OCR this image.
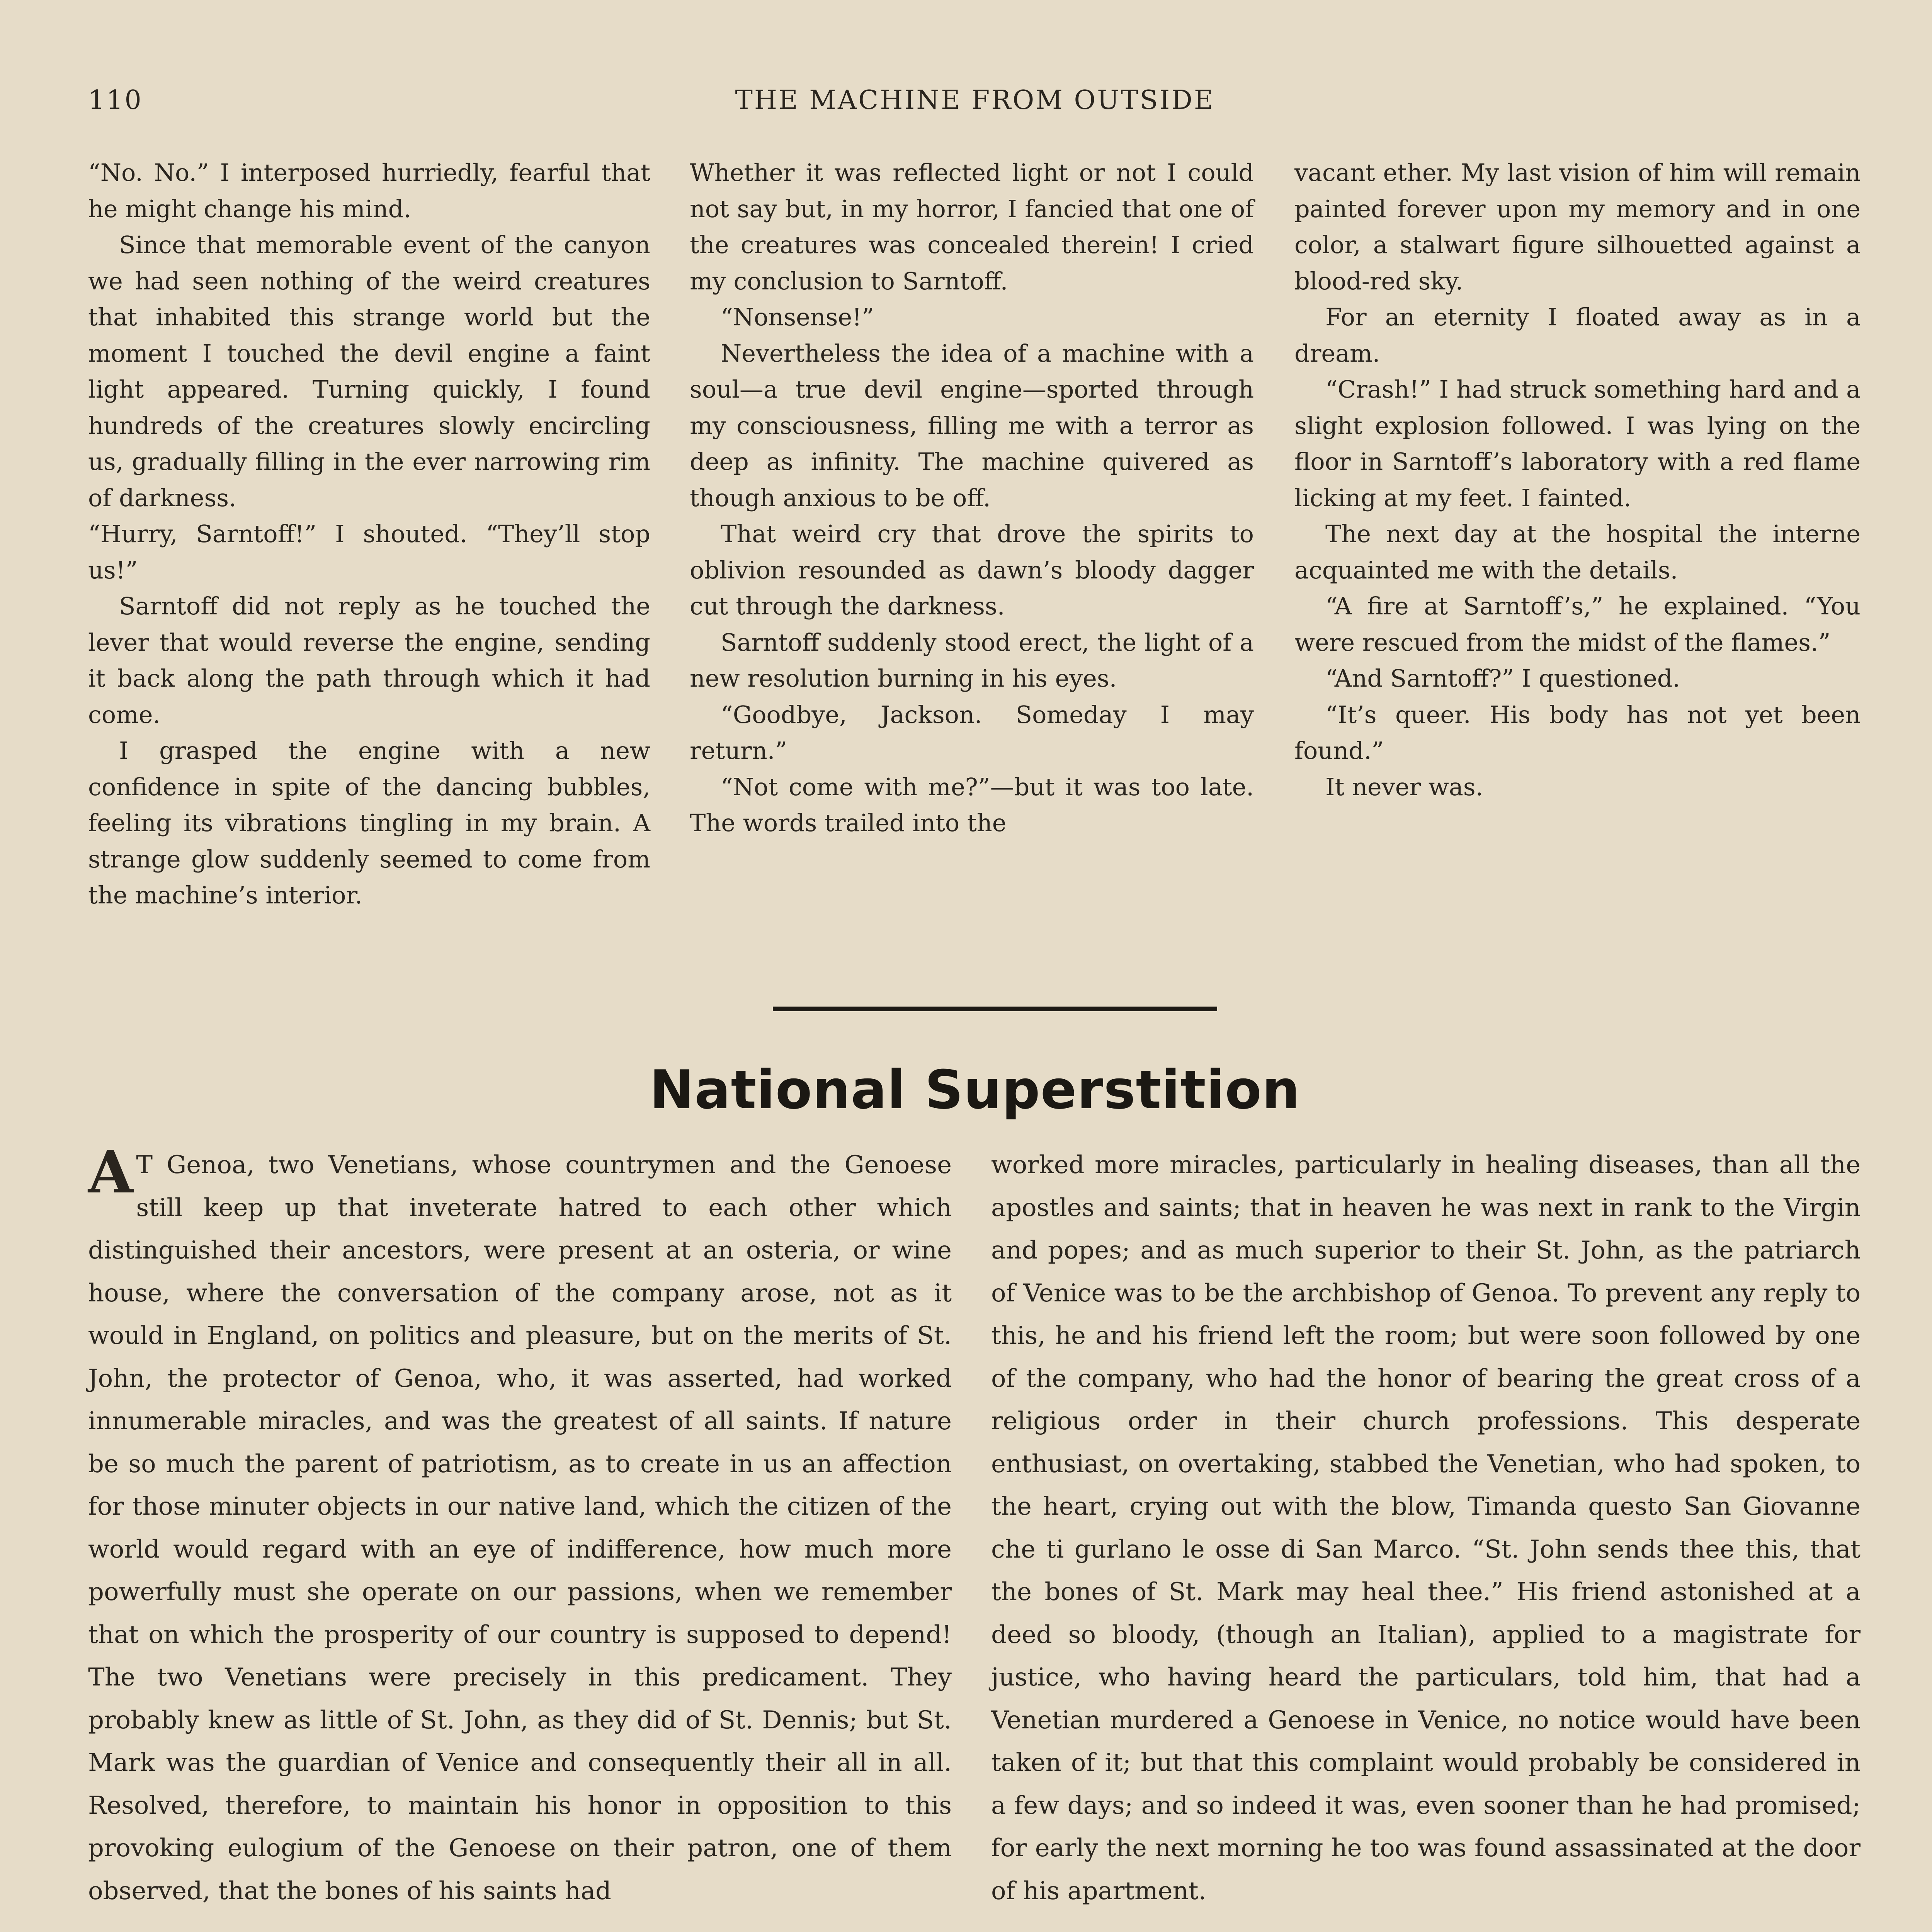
110	THE MACHINE FROM OUTSIDE

“No. No.” I interposed hurriedly, fearful that he might change his mind.

Since that memorable event of the canyon we had seen nothing of the weird creatures that inhabited this strange world but the moment I touched the devil engine a faint light appeared. Turning quickly, I found hundreds of the creatures slowly encircling us, gradually filling in the ever narrowing rim of darkness.

“Hurry, Sarntoff!” I shouted. “They’ll stop us!”

Sarntoff did not reply as he touched the lever that would reverse the engine, sending it back along the path through which it had come.

I grasped the engine with a new confidence in spite of the dancing bubbles, feeling its vibrations tingling in my brain. A strange glow suddenly seemed to come from the machine’s interior.

Whether it was reflected light or not I could not say but, in my horror, I fancied that one of the creatures was concealed therein! I cried my conclusion to Sarntoff.

“Nonsense!”

Nevertheless the idea of a machine with a soul—a true devil engine—sported through my consciousness, filling me with a terror as deep as infinity. The machine quivered as though anxious to be off.

That weird cry that drove the spirits to oblivion resounded as dawn’s bloody dagger cut through the darkness.

Sarntoff suddenly stood erect, the light of a new resolution burning in his eyes.

“Goodbye, Jackson. Someday I may return.”

“Not come with me?”—but it was too late. The words trailed into the

vacant ether. My last vision of him will remain painted forever upon my memory and in one color, a stalwart figure silhouetted against a blood-red sky.

For an eternity I floated away as in a dream.

“Crash!” I had struck something hard and a slight explosion followed. I was lying on the floor in Sarntoff’s laboratory with a red flame licking at my feet. I fainted.

The next day at the hospital the interne acquainted me with the details.

“A fire at Sarntoff’s,” he explained. “You were rescued from the midst of the flames.”

“And Sarntoff?” I questioned.

“It’s queer. His body has not yet been found.”

It never was.

National Superstition

A T Genoa, two Venetians, whose countrymen and the Genoese still keep up that inveterate hatred to each other which distinguished their ancestors, were present at an osteria, or wine house, where the conversation of the company arose, not as it would in England, on politics and pleasure, but on the merits of St. John, the protector of Genoa, who, it was asserted, had worked innumerable miracles, and was the greatest of all saints. If nature be so much the parent of patriotism, as to create in us an affection for those minuter objects in our native land, which the citizen of the world would regard with an eye of indifference, how much more powerfully must she operate on our passions, when we remember that on which the prosperity of our country is supposed to depend! The two Venetians were precisely in this predicament. They probably knew as little of St. John, as they did of St. Dennis; but St. Mark was the guardian of Venice and consequently their all in all. Resolved, therefore, to maintain his honor in opposition to this provoking eulogium of the Genoese on their patron, one of them observed, that the bones of his saints had

worked more miracles, particularly in healing diseases, than all the apostles and saints; that in heaven he was next in rank to the Virgin and popes; and as much superior to their St. John, as the patriarch of Venice was to be the archbishop of Genoa. To prevent any reply to this, he and his friend left the room; but were soon followed by one of the company, who had the honor of bearing the great cross of a religious order in their church professions. This desperate enthusiast, on overtaking, stabbed the Venetian, who had spoken, to the heart, crying out with the blow, Timanda questo San Giovanne che ti gurlano le osse di San Marco. “St. John sends thee this, that the bones of St. Mark may heal thee.” His friend astonished at a deed so bloody, (though an Italian), applied to a magistrate for justice, who having heard the particulars, told him, that had a Venetian murdered a Genoese in Venice, no notice would have been taken of it; but that this complaint would probably be considered in a few days; and so indeed it was, even sooner than he had promised; for early the next morning he too was found assassinated at the door of his apartment.
